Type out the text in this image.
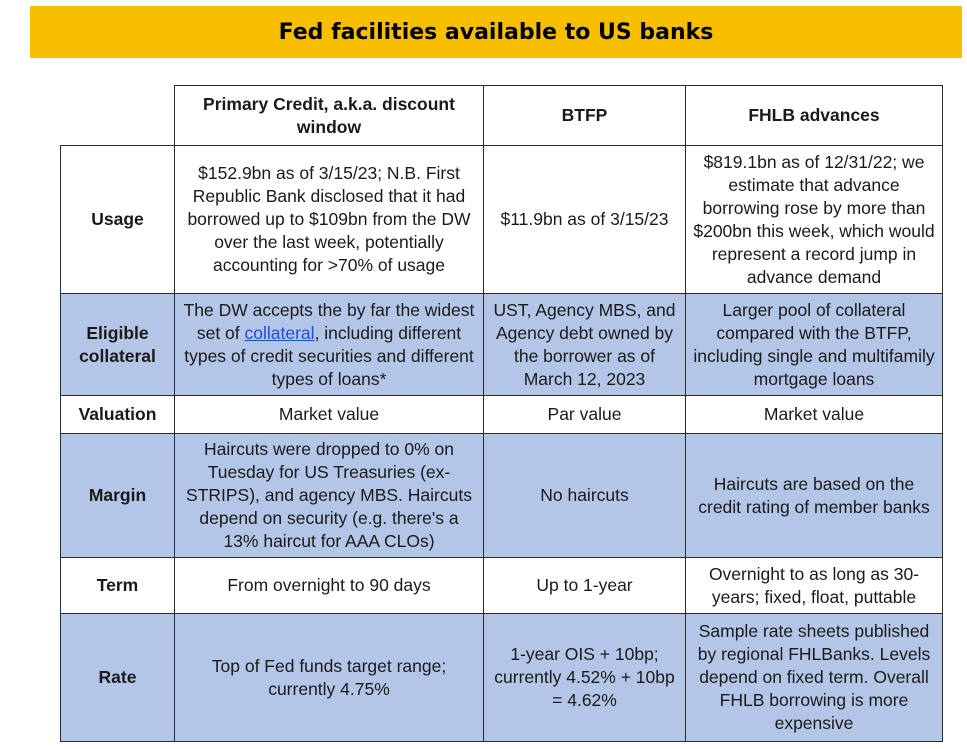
Fed facilities available to US banks
	Primary Credit, a.k.a. discount window	BTFP	FHLB advances
Usage	$152.9bn as of 3/15/23; N.B. First Republic Bank disclosed that it had borrowed up to $109bn from the DW over the last week, potentially accounting for >70% of usage	$11.9bn as of 3/15/23	$819.1bn as of 12/31/22; we estimate that advance borrowing rose by more than $200bn this week, which would represent a record jump in advance demand
Eligible collateral	The DW accepts the by far the widest set of collateral, including different types of credit securities and different types of loans*	UST, Agency MBS, and Agency debt owned by the borrower as of March 12, 2023	Larger pool of collateral compared with the BTFP, including single and multifamily mortgage loans
Valuation	Market value	Par value	Market value
Margin	Haircuts were dropped to 0% on Tuesday for US Treasuries (ex-STRIPS), and agency MBS. Haircuts depend on security (e.g. there's a 13% haircut for AAA CLOs)	No haircuts	Haircuts are based on the credit rating of member banks
Term	From overnight to 90 days	Up to 1-year	Overnight to as long as 30-years; fixed, float, puttable
Rate	Top of Fed funds target range; currently 4.75%	1-year OIS + 10bp; currently 4.52% + 10bp = 4.62%	Sample rate sheets published by regional FHLBanks. Levels depend on fixed term. Overall FHLB borrowing is more expensive
